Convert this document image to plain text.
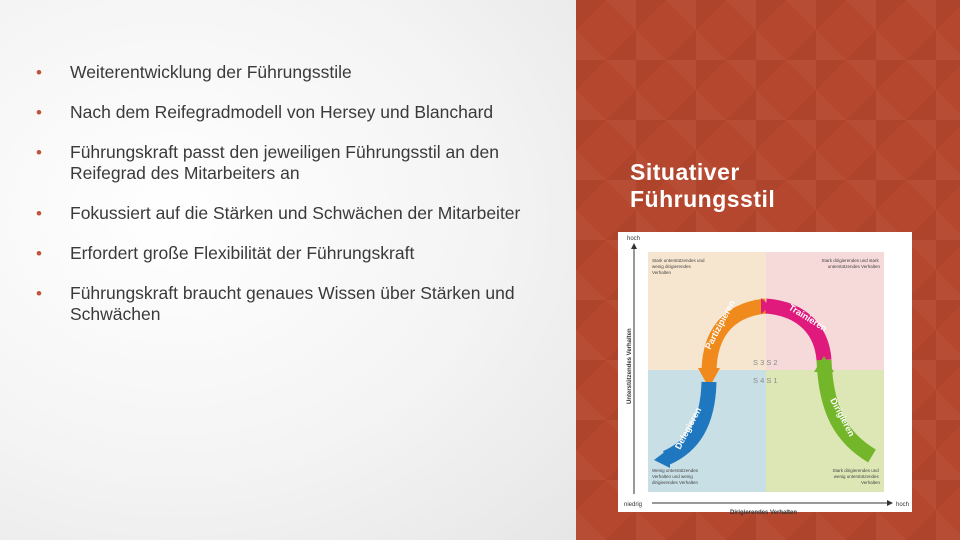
• Weiterentwicklung der Führungsstile
• Nach dem Reifegradmodell von Hersey und Blanchard
• Führungskraft passt den jeweiligen Führungsstil an den Reifegrad des Mitarbeiters an
• Fokussiert auf die Stärken und Schwächen der Mitarbeiter
• Erfordert große Flexibilität der Führungskraft
• Führungskraft braucht genaues Wissen über Stärken und Schwächen
Situativer
Führungsstil
hoch
niedrig	hoch
Unterstützendes Verhalten
Dirigierendes Verhalten
Stark unterstützendes und wenig dirigierendes Verhalten
Stark dirigierendes und stark unterstützendes Verhalten
Wenig unterstützendes Verhalten und wenig dirigierendes Verhalten
Stark dirigierendes und wenig unterstützendes Verhalten
S 3 S 2
S 4 S 1
Partizipieren	Trainieren
Delegieren	Dirigieren
